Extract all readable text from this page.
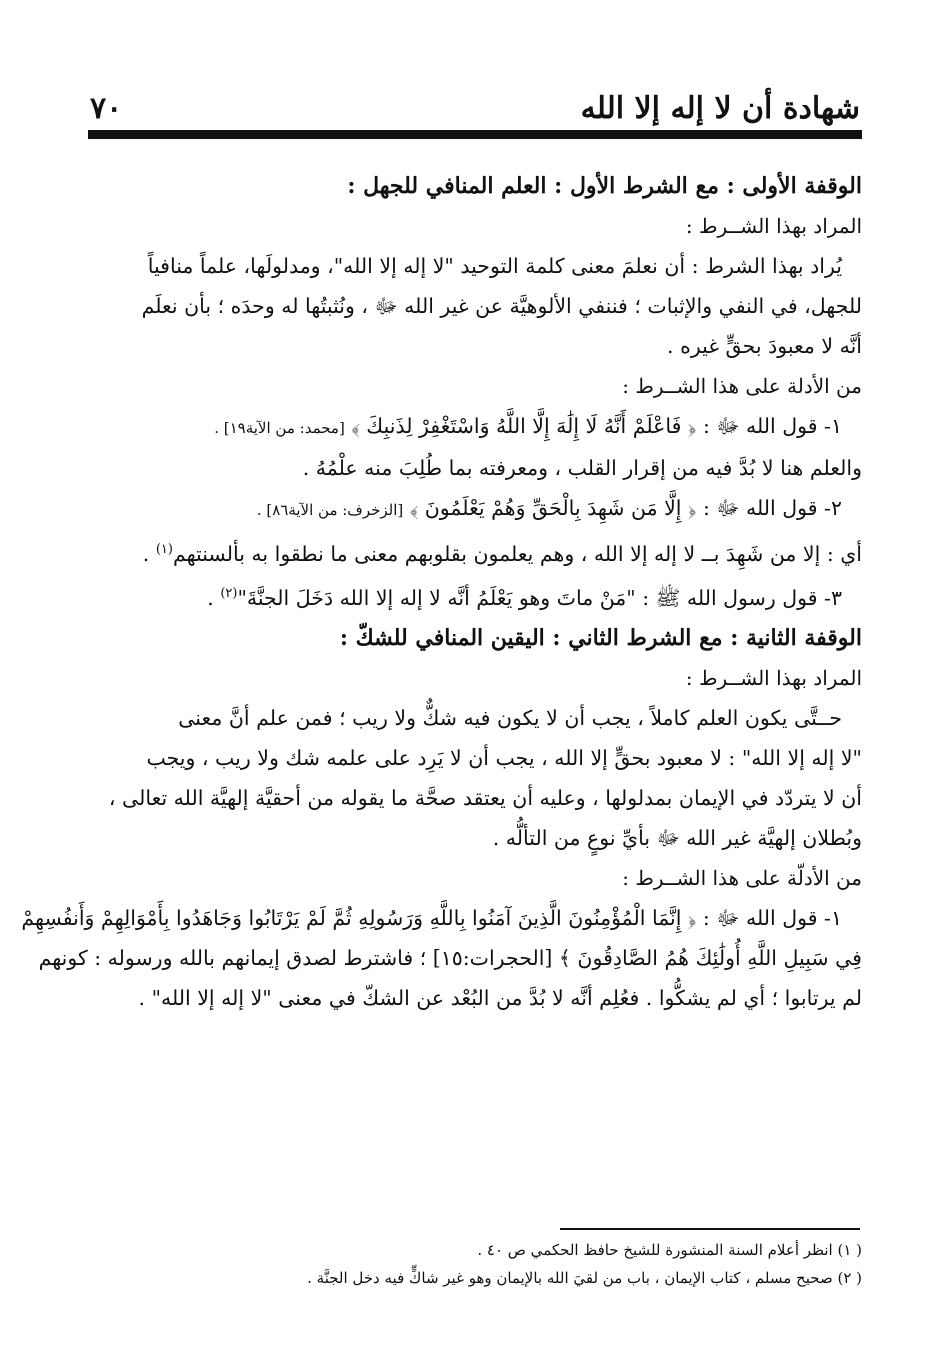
٧٠	شهادة أن لا إله إلا الله
الوقفة الأولى : مع الشرط الأول : العلم المنافي للجهل :
المراد بهذا الشــرط :
يُراد بهذا الشرط : أن نعلمَ معنى كلمة التوحيد "لا إله إلا الله"، ومدلولَها، علماً منافياً
للجهل، في النفي والإثبات ؛ فننفي الألوهيَّة عن غير الله ﷻ ، ونُثبتُها له وحدَه ؛ بأن نعلَم
أنَّه لا معبودَ بحقٍّ غيره .
من الأدلة على هذا الشــرط :
١- قول الله ﷻ : ﴿ فَاعْلَمْ أَنَّهُ لَا إِلَٰهَ إِلَّا اللَّهُ وَاسْتَغْفِرْ لِذَنبِكَ ﴾ [محمد: من الآية١٩] .
والعلم هنا لا بُدَّ فيه من إقرار القلب ، ومعرفته بما طُلِبَ منه علْمُهُ .
٢- قول الله ﷻ : ﴿ إِلَّا مَن شَهِدَ بِالْحَقِّ وَهُمْ يَعْلَمُونَ ﴾ [الزخرف: من الآية٨٦] .
أي : إلا من شَهِدَ بــ لا إله إلا الله ، وهم يعلمون بقلوبهم معنى ما نطقوا به بألسنتهم$^{(١)}$ .
٣- قول رسول الله ﷺ : "مَنْ ماتَ وهو يَعْلَمُ أنَّه لا إله إلا الله دَخَلَ الجنَّةَ"$^{(٢)}$ .
الوقفة الثانية : مع الشرط الثاني : اليقين المنافي للشكّ :
المراد بهذا الشــرط :
حــتَّى يكون العلم كاملاً ، يجب أن لا يكون فيه شكٌّ ولا ريب ؛ فمن علم أنَّ معنى
"لا إله إلا الله" : لا معبود بحقٍّ إلا الله ، يجب أن لا يَرِد على علمه شك ولا ريب ، ويجب
أن لا يتردّد في الإيمان بمدلولها ، وعليه أن يعتقد صحَّة ما يقوله من أحقيَّة إلهيَّة الله تعالى ،
وبُطلان إلهيَّة غير الله ﷻ بأيِّ نوعٍ من التألُّه .
من الأدلّة على هذا الشــرط :
١- قول الله ﷻ : ﴿ إِنَّمَا الْمُؤْمِنُونَ الَّذِينَ آمَنُوا بِاللَّهِ وَرَسُولِهِ ثُمَّ لَمْ يَرْتَابُوا وَجَاهَدُوا بِأَمْوَالِهِمْ وَأَنفُسِهِمْ
فِي سَبِيلِ اللَّهِ أُولَٰئِكَ هُمُ الصَّادِقُونَ ﴾ [الحجرات:١٥] ؛ فاشترط لصدق إيمانهم بالله ورسوله : كونهم
لم يرتابوا ؛ أي لم يشكُّوا . فعُلِم أنَّه لا بُدَّ من البُعْد عن الشكّ في معنى "لا إله إلا الله" .
( ١) انظر أعلام السنة المنشورة للشيخ حافظ الحكمي ص ٤٠ .
( ٢) صحيح مسلم ، كتاب الإيمان ، باب من لقيَ الله بالإيمان وهو غير شاكٍّ فيه دخل الجنَّة .
